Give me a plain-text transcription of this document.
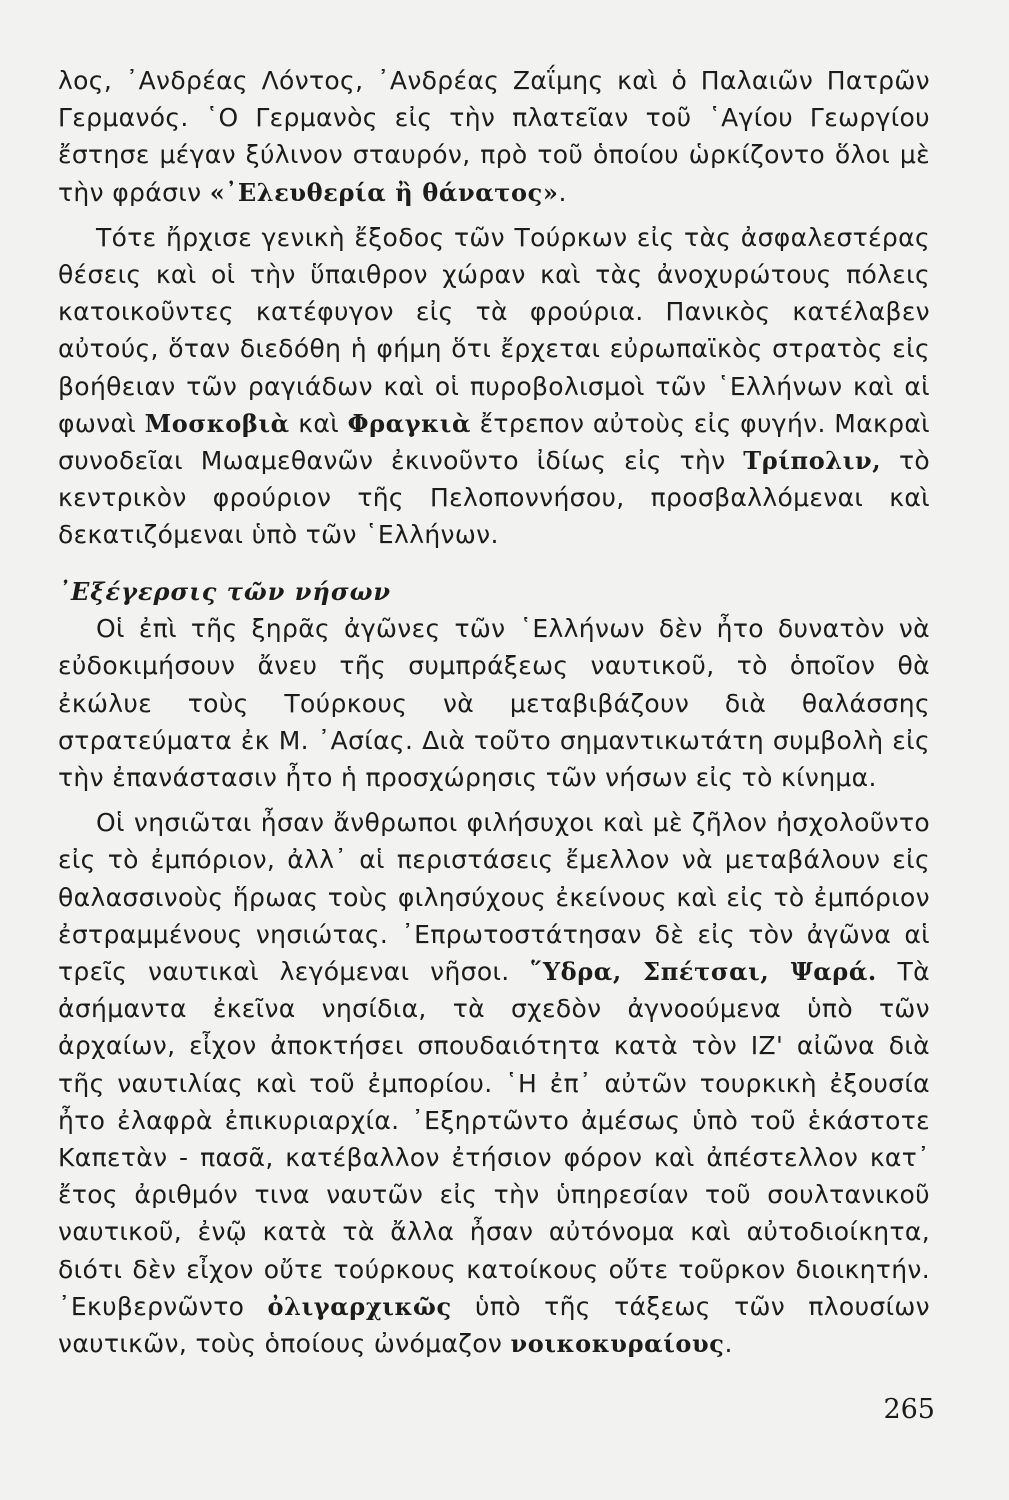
λος, ᾿Ανδρέας Λόντος, ᾿Ανδρέας Ζαΐμης καὶ ὁ Παλαιῶν Πατρῶν Γερμανός. ῾Ο Γερμανὸς εἰς τὴν πλατεῖαν τοῦ ῾Αγίου Γεωργίου ἔστησε μέγαν ξύλινον σταυρόν, πρὸ τοῦ ὁποίου ὡρκίζοντο ὅλοι μὲ τὴν φράσιν «᾿Ελευθερία ἢ θάνατος».

Τότε ἤρχισε γενικὴ ἔξοδος τῶν Τούρκων εἰς τὰς ἀσφαλεστέρας θέσεις καὶ οἱ τὴν ὕπαιθρον χώραν καὶ τὰς ἀνοχυρώτους πόλεις κατοικοῦντες κατέφυγον εἰς τὰ φρούρια. Πανικὸς κατέλαβεν αὐτούς, ὅταν διεδόθη ἡ φήμη ὅτι ἔρχεται εὐρωπαϊκὸς στρατὸς εἰς βοήθειαν τῶν ραγιάδων καὶ οἱ πυροβολισμοὶ τῶν ῾Ελλήνων καὶ αἱ φωναὶ Μοσκοβιὰ καὶ Φραγκιὰ ἔτρεπον αὐτοὺς εἰς φυγήν. Μακραὶ συνοδεῖαι Μωαμεθανῶν ἐκινοῦντο ἰδίως εἰς τὴν Τρίπολιν, τὸ κεντρικὸν φρούριον τῆς Πελοποννήσου, προσβαλλόμεναι καὶ δεκατιζόμεναι ὑπὸ τῶν ῾Ελλήνων.

᾿Εξέγερσις τῶν νήσων

Οἱ ἐπὶ τῆς ξηρᾶς ἀγῶνες τῶν ῾Ελλήνων δὲν ἦτο δυνατὸν νὰ εὐδοκιμήσουν ἄνευ τῆς συμπράξεως ναυτικοῦ, τὸ ὁποῖον θὰ ἐκώλυε τοὺς Τούρκους νὰ μεταβιβάζουν διὰ θαλάσσης στρατεύματα ἐκ Μ. ᾿Ασίας. Διὰ τοῦτο σημαντικωτάτη συμβολὴ εἰς τὴν ἐπανάστασιν ἦτο ἡ προσχώρησις τῶν νήσων εἰς τὸ κίνημα.

Οἱ νησιῶται ἦσαν ἄνθρωποι φιλήσυχοι καὶ μὲ ζῆλον ἠσχολοῦντο εἰς τὸ ἐμπόριον, ἀλλ᾿ αἱ περιστάσεις ἔμελλον νὰ μεταβάλουν εἰς θαλασσινοὺς ἥρωας τοὺς φιλησύχους ἐκείνους καὶ εἰς τὸ ἐμπόριον ἐστραμμένους νησιώτας. ᾿Επρωτοστάτησαν δὲ εἰς τὸν ἀγῶνα αἱ τρεῖς ναυτικαὶ λεγόμεναι νῆσοι. ῞Υδρα, Σπέτσαι, Ψαρά. Τὰ ἀσήμαντα ἐκεῖνα νησίδια, τὰ σχεδὸν ἀγνοούμενα ὑπὸ τῶν ἀρχαίων, εἶχον ἀποκτήσει σπουδαιότητα κατὰ τὸν ΙΖ' αἰῶνα διὰ τῆς ναυτιλίας καὶ τοῦ ἐμπορίου. ῾Η ἐπ᾿ αὐτῶν τουρκικὴ ἐξουσία ἦτο ἐλαφρὰ ἐπικυριαρχία. ᾿Εξηρτῶντο ἀμέσως ὑπὸ τοῦ ἑκάστοτε Καπετὰν - πασᾶ, κατέβαλλον ἐτήσιον φόρον καὶ ἀπέστελλον κατ᾿ ἔτος ἀριθμόν τινα ναυτῶν εἰς τὴν ὑπηρεσίαν τοῦ σουλτανικοῦ ναυτικοῦ, ἐνῷ κατὰ τὰ ἄλλα ἦσαν αὐτόνομα καὶ αὐτοδιοίκητα, διότι δὲν εἶχον οὔτε τούρκους κατοίκους οὔτε τοῦρκον διοικητήν. ᾿Εκυβερνῶντο ὀλιγαρχικῶς ὑπὸ τῆς τάξεως τῶν πλουσίων ναυτικῶν, τοὺς ὁποίους ὠνόμαζον νοικοκυραίους.

265
